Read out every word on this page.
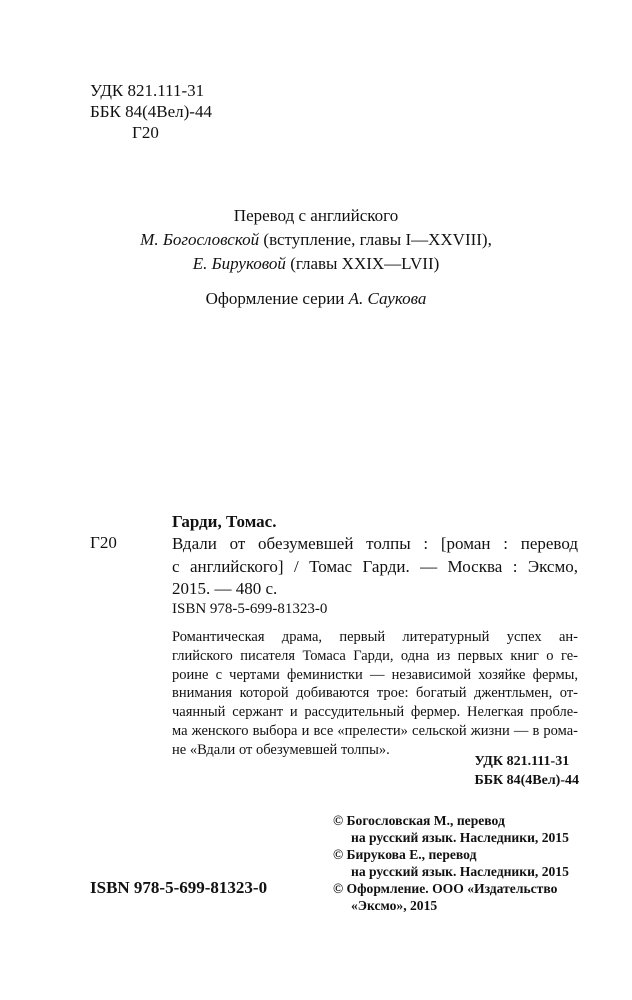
УДК 821.111-31
ББК 84(4Вел)-44
Г20
Перевод с английского
М. Богословской (вступление, главы I—XXVIII),
Е. Бируковой (главы XXIX—LVII)
Оформление серии А. Саукова
Гарди, Томас.
Г20	Вдали от обезумевшей толпы : [роман : перевод
с английского] / Томас Гарди. — Москва : Эксмо,
2015. — 480 с.
ISBN 978-5-699-81323-0
Романтическая драма, первый литературный успех ан-
глийского писателя Томаса Гарди, одна из первых книг о ге-
роине с чертами феминистки — независимой хозяйке фермы,
внимания которой добиваются трое: богатый джентльмен, от-
чаянный сержант и рассудительный фермер. Нелегкая пробле-
ма женского выбора и все «прелести» сельской жизни — в рома-
не «Вдали от обезумевшей толпы».
УДК 821.111-31
ББК 84(4Вел)-44
© Богословская М., перевод
на русский язык. Наследники, 2015
© Бирукова Е., перевод
на русский язык. Наследники, 2015
© Оформление. ООО «Издательство
«Эксмо», 2015
ISBN 978-5-699-81323-0
